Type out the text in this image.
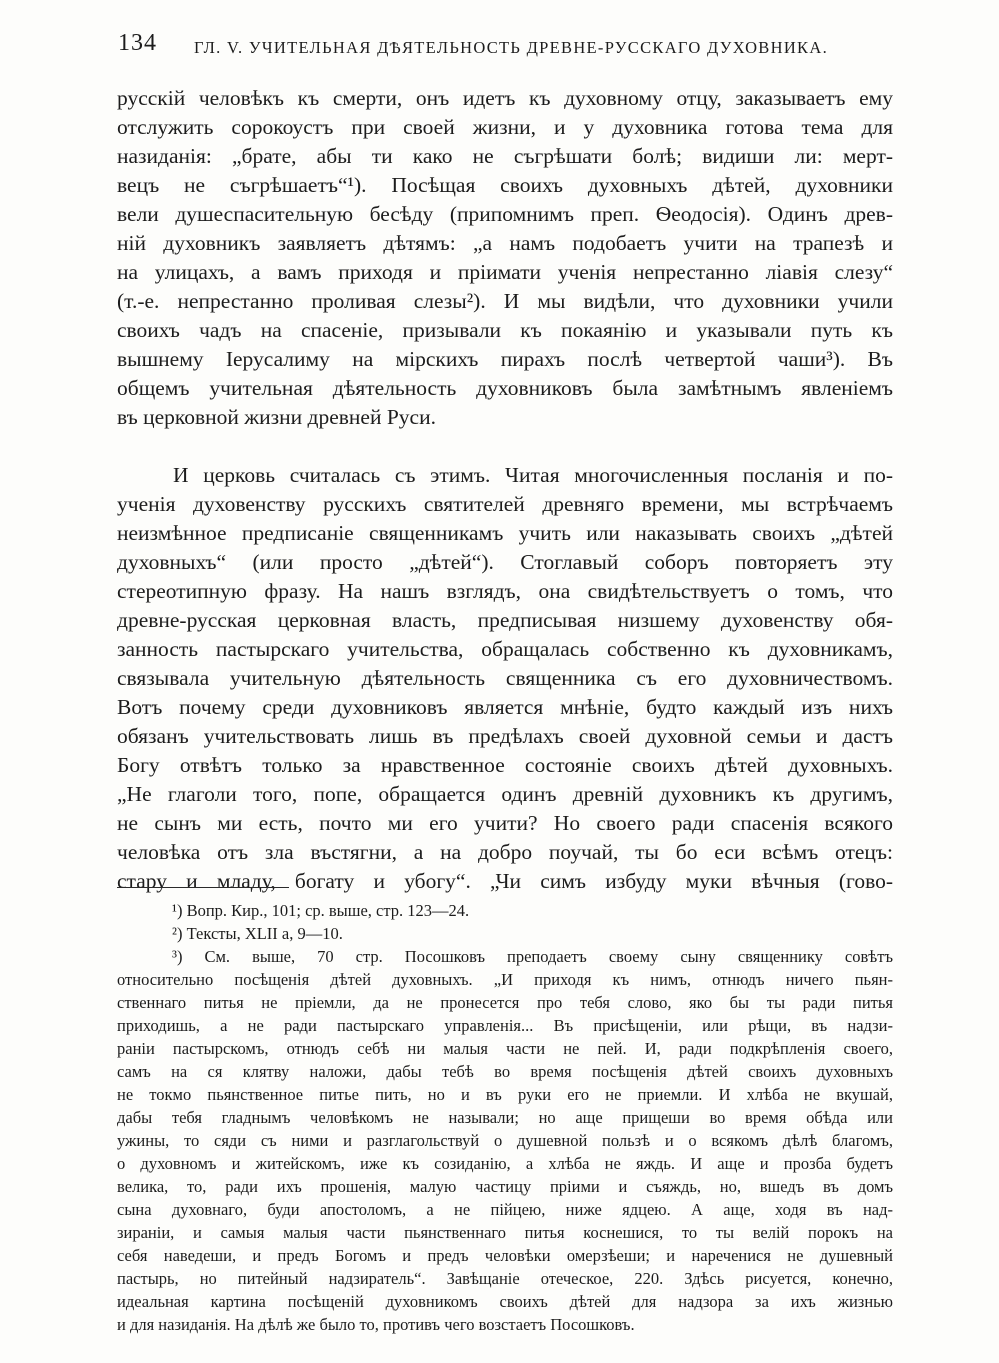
134 ГЛ. V. УЧИТЕЛЬНАЯ ДѢЯТЕЛЬНОСТЬ ДРЕВНЕ-РУССКАГО ДУХОВНИКА.
русскій человѣкъ къ смерти, онъ идетъ къ духовному отцу, заказываетъ ему
отслужить сорокоустъ при своей жизни, и у духовника готова тема для
назиданія: „брате, абы ти како не съгрѣшати болѣ; видиши ли: мерт-
вецъ не съгрѣшаетъ“¹). Посѣщая своихъ духовныхъ дѣтей, духовники
вели душеспасительную бесѣду (припомнимъ преп. Ѳеодосія). Одинъ древ-
ній духовникъ заявляетъ дѣтямъ: „а намъ подобаетъ учити на трапезѣ и
на улицахъ, а вамъ приходя и пріимати ученія непрестанно ліавія слезу“
(т.-е. непрестанно проливая слезы²). И мы видѣли, что духовники учили
своихъ чадъ на спасеніе, призывали къ покаянію и указывали путь къ
вышнему Іерусалиму на мірскихъ пирахъ послѣ четвертой чаши³). Въ
общемъ учительная дѣятельность духовниковъ была замѣтнымъ явленіемъ
въ церковной жизни древней Руси.
И церковь считалась съ этимъ. Читая многочисленныя посланія и по-
ученія духовенству русскихъ святителей древняго времени, мы встрѣчаемъ
неизмѣнное предписаніе священникамъ учить или наказывать своихъ „дѣтей
духовныхъ“ (или просто „дѣтей“). Стоглавый соборъ повторяетъ эту
стереотипную фразу. На нашъ взглядъ, она свидѣтельствуетъ о томъ, что
древне-русская церковная власть, предписывая низшему духовенству обя-
занность пастырскаго учительства, обращалась собственно къ духовникамъ,
связывала учительную дѣятельность священника съ его духовничествомъ.
Вотъ почему среди духовниковъ является мнѣніе, будто каждый изъ нихъ
обязанъ учительствовать лишь въ предѣлахъ своей духовной семьи и дастъ
Богу отвѣтъ только за нравственное состояніе своихъ дѣтей духовныхъ.
„Не глаголи того, попе, обращается одинъ древній духовникъ къ другимъ,
не сынъ ми есть, почто ми его учити? Но своего ради спасенія всякого
человѣка отъ зла въстягни, а на добро поучай, ты бо еси всѣмъ отецъ:
стару и младу, богату и убогу“. „Чи симъ избуду муки вѣчныя (гово-
¹) Вопр. Кир., 101; ср. выше, стр. 123—24.
²) Тексты, XLII а, 9—10.
³) См. выше, 70 стр. Посошковъ преподаетъ своему сыну священнику совѣтъ
относительно посѣщенія дѣтей духовныхъ. „И приходя къ нимъ, отнюдъ ничего пьян-
ственнаго питья не пріемли, да не пронесется про тебя слово, яко бы ты ради питья
приходишь, а не ради пастырскаго управленія... Въ присѣщеніи, или рѣщи, въ надзи-
раніи пастырскомъ, отнюдъ себѣ ни малыя части не пей. И, ради подкрѣпленія своего,
самъ на ся клятву наложи, дабы тебѣ во время посѣщенія дѣтей своихъ духовныхъ
не токмо пьянственное питье пить, но и въ руки его не приемли. И хлѣба не вкушай,
дабы тебя гладнымъ человѣкомъ не называли; но аще прищеши во время обѣда или
ужины, то сяди съ ними и разглагольствуй о душевной пользѣ и о всякомъ дѣлѣ благомъ,
о духовномъ и житейскомъ, иже къ созиданію, а хлѣба не яждь. И аще и прозба будетъ
велика, то, ради ихъ прошенія, малую частицу пріими и съяждь, но, вшедъ въ домъ
сына духовнаго, буди апостоломъ, а не пійцею, ниже ядцею. А аще, ходя въ над-
зираніи, и самыя малыя части пьянственнаго питья коснешися, то ты велій порокъ на
себя наведеши, и предъ Богомъ и предъ человѣки омерзѣеши; и нареченися не душевный
пастырь, но питейный надзиратель“. Завѣщаніе отеческое, 220. Здѣсь рисуется, конечно,
идеальная картина посѣщеній духовникомъ своихъ дѣтей для надзора за ихъ жизнью
и для назиданія. На дѣлѣ же было то, противъ чего возстаетъ Посошковъ.
